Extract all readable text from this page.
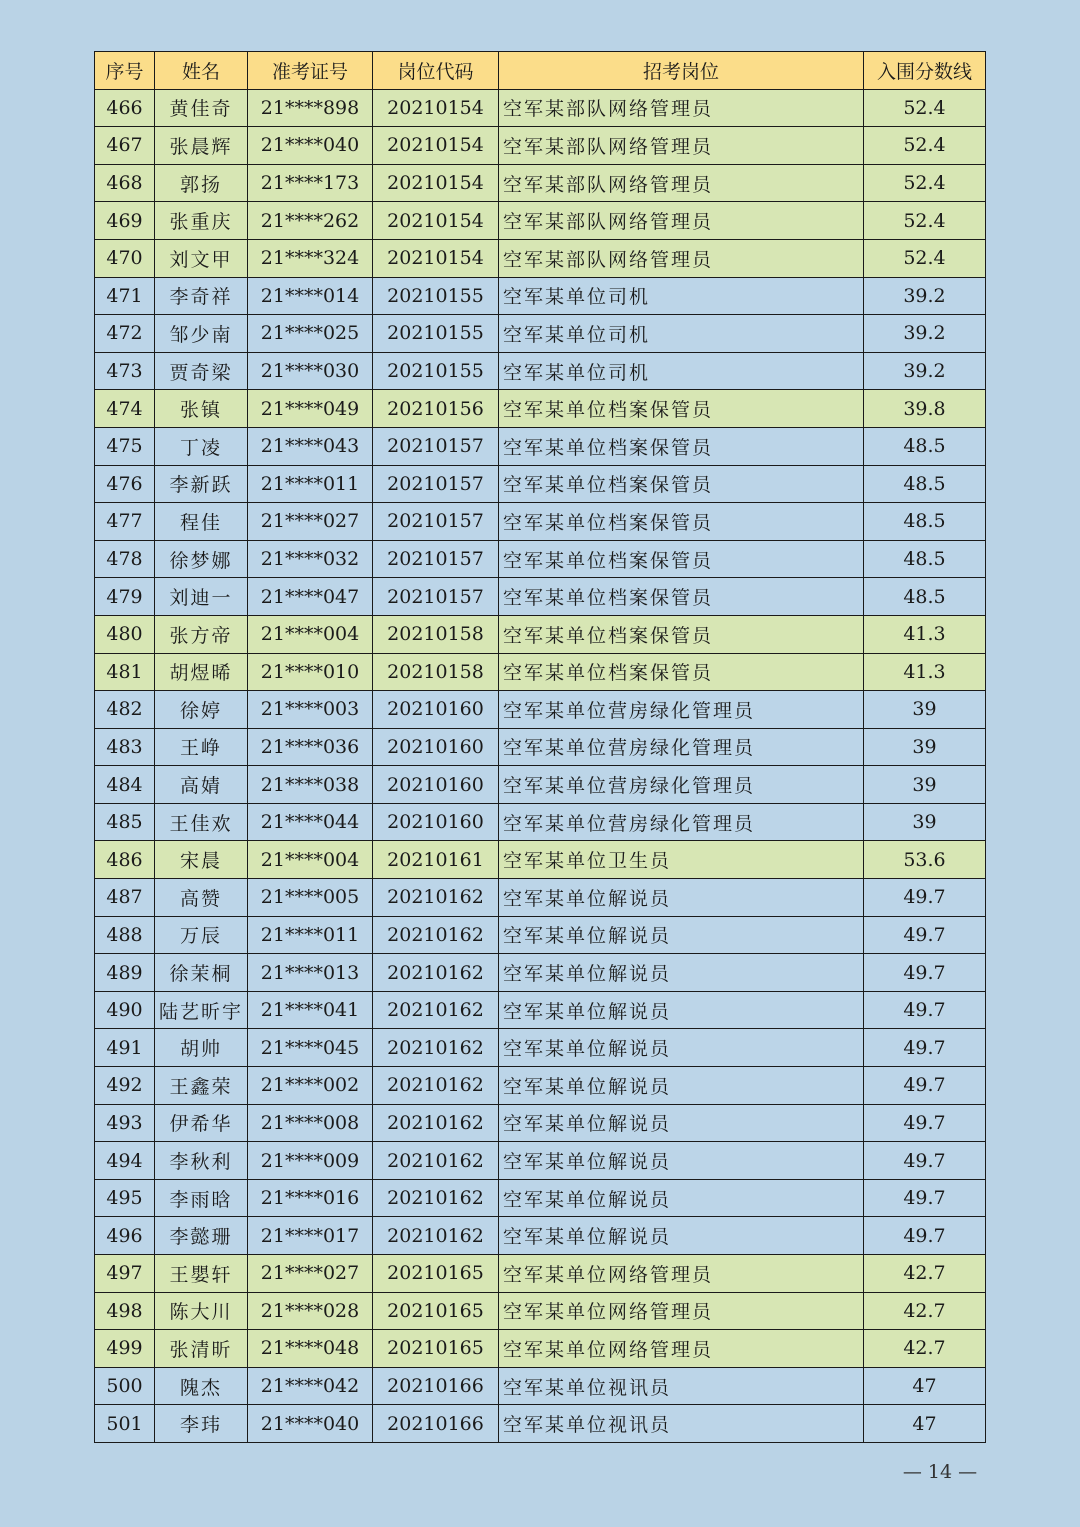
序号	姓名	准考证号	岗位代码	招考岗位	入围分数线
466	黄佳奇	21****898	20210154	空军某部队网络管理员	52.4
467	张晨辉	21****040	20210154	空军某部队网络管理员	52.4
468	郭扬	21****173	20210154	空军某部队网络管理员	52.4
469	张重庆	21****262	20210154	空军某部队网络管理员	52.4
470	刘文甲	21****324	20210154	空军某部队网络管理员	52.4
471	李奇祥	21****014	20210155	空军某单位司机	39.2
472	邹少南	21****025	20210155	空军某单位司机	39.2
473	贾奇梁	21****030	20210155	空军某单位司机	39.2
474	张镇	21****049	20210156	空军某单位档案保管员	39.8
475	丁凌	21****043	20210157	空军某单位档案保管员	48.5
476	李新跃	21****011	20210157	空军某单位档案保管员	48.5
477	程佳	21****027	20210157	空军某单位档案保管员	48.5
478	徐梦娜	21****032	20210157	空军某单位档案保管员	48.5
479	刘迪一	21****047	20210157	空军某单位档案保管员	48.5
480	张方帝	21****004	20210158	空军某单位档案保管员	41.3
481	胡煜晞	21****010	20210158	空军某单位档案保管员	41.3
482	徐婷	21****003	20210160	空军某单位营房绿化管理员	39
483	王峥	21****036	20210160	空军某单位营房绿化管理员	39
484	高婧	21****038	20210160	空军某单位营房绿化管理员	39
485	王佳欢	21****044	20210160	空军某单位营房绿化管理员	39
486	宋晨	21****004	20210161	空军某单位卫生员	53.6
487	高赞	21****005	20210162	空军某单位解说员	49.7
488	万辰	21****011	20210162	空军某单位解说员	49.7
489	徐茉桐	21****013	20210162	空军某单位解说员	49.7
490	陆艺昕宇	21****041	20210162	空军某单位解说员	49.7
491	胡帅	21****045	20210162	空军某单位解说员	49.7
492	王鑫荣	21****002	20210162	空军某单位解说员	49.7
493	伊希华	21****008	20210162	空军某单位解说员	49.7
494	李秋利	21****009	20210162	空军某单位解说员	49.7
495	李雨晗	21****016	20210162	空军某单位解说员	49.7
496	李懿珊	21****017	20210162	空军某单位解说员	49.7
497	王嬰轩	21****027	20210165	空军某单位网络管理员	42.7
498	陈大川	21****028	20210165	空军某单位网络管理员	42.7
499	张清昕	21****048	20210165	空军某单位网络管理员	42.7
500	隗杰	21****042	20210166	空军某单位视讯员	47
501	李玮	21****040	20210166	空军某单位视讯员	47
— 14 —
